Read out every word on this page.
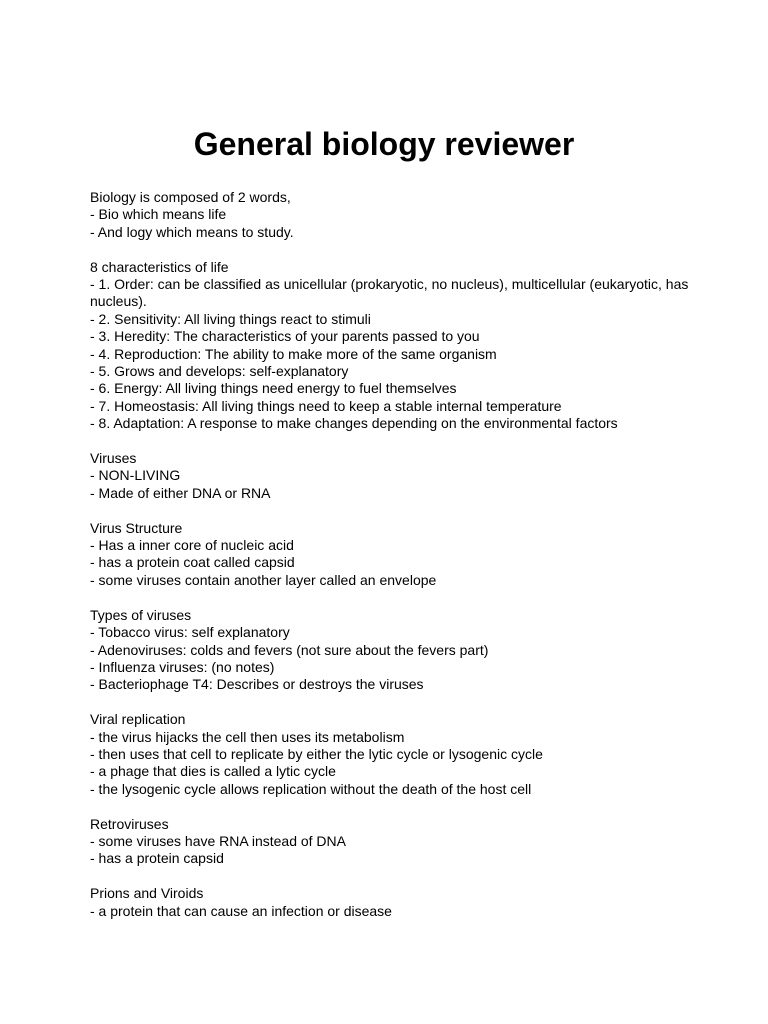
General biology reviewer
Biology is composed of 2 words,
- Bio which means life
- And logy which means to study.
8 characteristics of life
- 1. Order: can be classified as unicellular (prokaryotic, no nucleus), multicellular (eukaryotic, has nucleus).
- 2. Sensitivity: All living things react to stimuli
- 3. Heredity: The characteristics of your parents passed to you
- 4. Reproduction: The ability to make more of the same organism
- 5. Grows and develops: self-explanatory
- 6. Energy: All living things need energy to fuel themselves
- 7. Homeostasis: All living things need to keep a stable internal temperature
- 8. Adaptation: A response to make changes depending on the environmental factors
Viruses
- NON-LIVING
- Made of either DNA or RNA
Virus Structure
- Has a inner core of nucleic acid
- has a protein coat called capsid
- some viruses contain another layer called an envelope
Types of viruses
- Tobacco virus: self explanatory
- Adenoviruses: colds and fevers (not sure about the fevers part)
- Influenza viruses: (no notes)
- Bacteriophage T4: Describes or destroys the viruses
Viral replication
- the virus hijacks the cell then uses its metabolism
- then uses that cell to replicate by either the lytic cycle or lysogenic cycle
- a phage that dies is called a lytic cycle
- the lysogenic cycle allows replication without the death of the host cell
Retroviruses
- some viruses have RNA instead of DNA
- has a protein capsid
Prions and Viroids
- a protein that can cause an infection or disease
